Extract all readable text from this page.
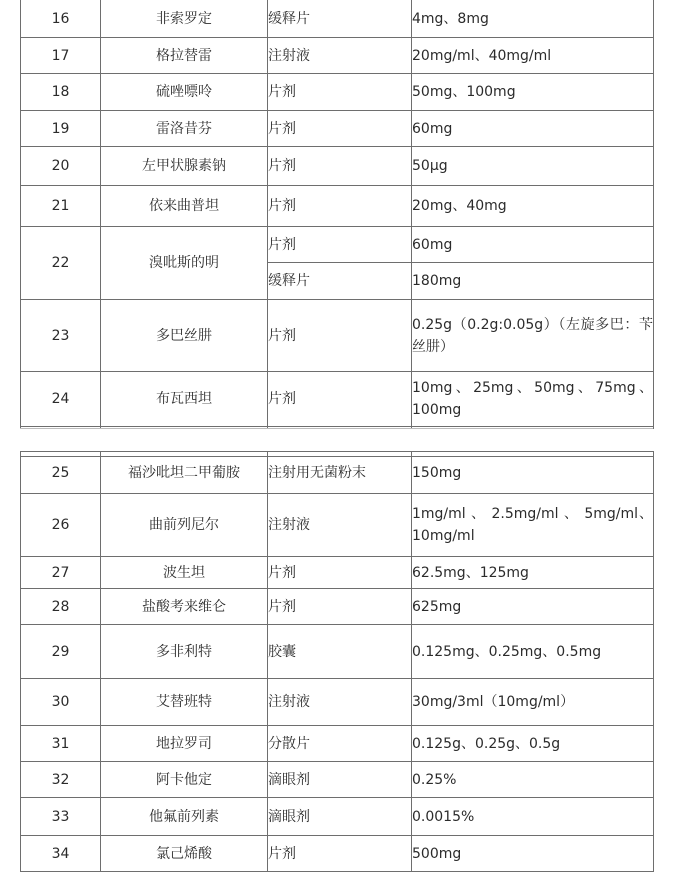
16	非索罗定	缓释片	4mg、8mg
17	格拉替雷	注射液	20mg/ml、40mg/ml
18	硫唑嘌呤	片剂	50mg、100mg
19	雷洛昔芬	片剂	60mg
20	左甲状腺素钠	片剂	50μg
21	依来曲普坦	片剂	20mg、40mg
22	溴吡斯的明	片剂	60mg
		缓释片	180mg
23	多巴丝肼	片剂	0.25g（0.2g:0.05g）（左旋多巴：苄丝肼）
24	布瓦西坦	片剂	10mg、25mg、50mg、75mg、100mg

25	福沙吡坦二甲葡胺	注射用无菌粉末	150mg
26	曲前列尼尔	注射液	1mg/ml 、 2.5mg/ml 、 5mg/ml、10mg/ml
27	波生坦	片剂	62.5mg、125mg
28	盐酸考来维仑	片剂	625mg
29	多非利特	胶囊	0.125mg、0.25mg、0.5mg
30	艾替班特	注射液	30mg/3ml（10mg/ml）
31	地拉罗司	分散片	0.125g、0.25g、0.5g
32	阿卡他定	滴眼剂	0.25%
33	他氟前列素	滴眼剂	0.0015%
34	氯己烯酸	片剂	500mg
